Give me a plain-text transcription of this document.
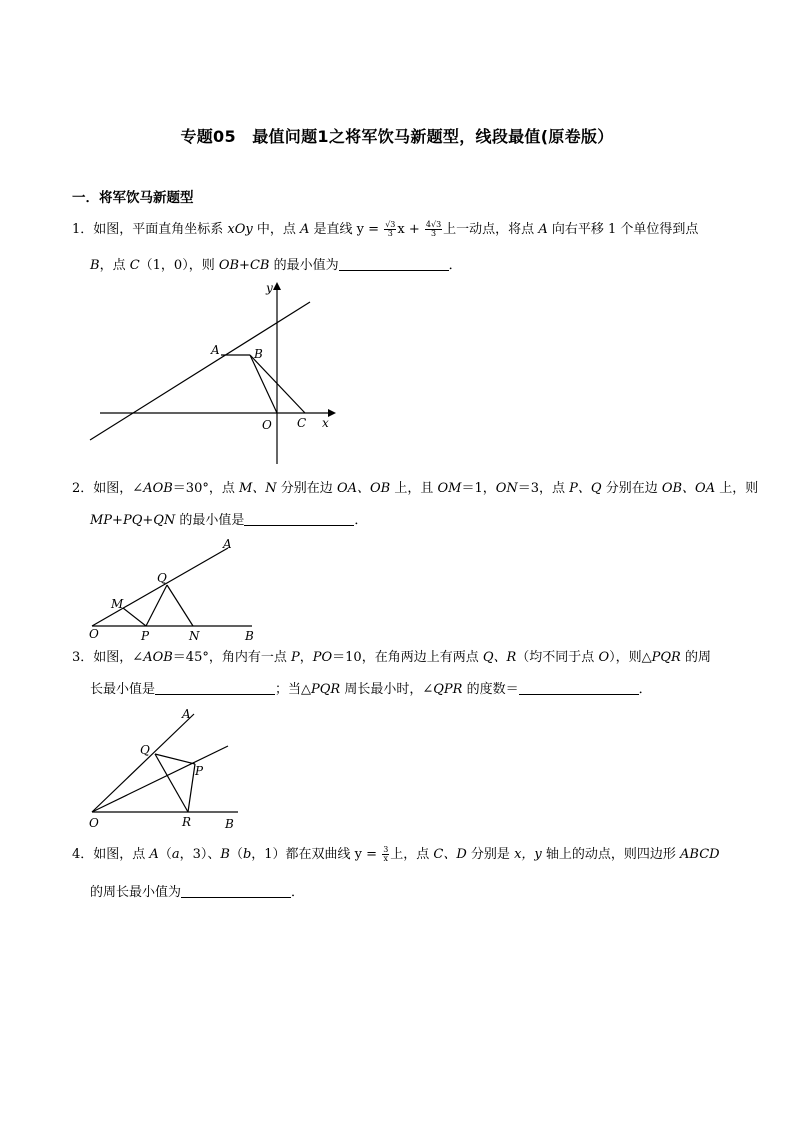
专题05　最值问题1之将军饮马新题型，线段最值(原卷版）
一．将军饮马新题型
1．如图，平面直角坐标系 xOy 中，点 A 是直线 $y = \frac{√3}{3}$ $x + \frac{4√3}{3}$ 上一动点，将点 A 向右平移 1 个单位得到点
B，点 C（1，0），则 OB+CB 的最小值为	．
y
x
A	B
O C
2．如图，∠AOB＝30°，点 M、N 分别在边 OA、OB 上，且 OM＝1，ON＝3，点 P、Q 分别在边 OB、OA 上，则
MP+PQ+QN 的最小值是	．
A
Q
M
O	P	N	B
3．如图，∠AOB＝45°，角内有一点 P，PO＝10，在角两边上有两点 Q、R（均不同于点 O），则△PQR 的周
长最小值是	；当△PQR 周长最小时，∠QPR 的度数＝	．
A
Q
P
O	R	B
4．如图，点 A（a，3）、B（b，1）都在双曲线 $y = \frac{3}{x}$ 上，点 C、D 分别是 x，y 轴上的动点，则四边形 ABCD
的周长最小值为	．
